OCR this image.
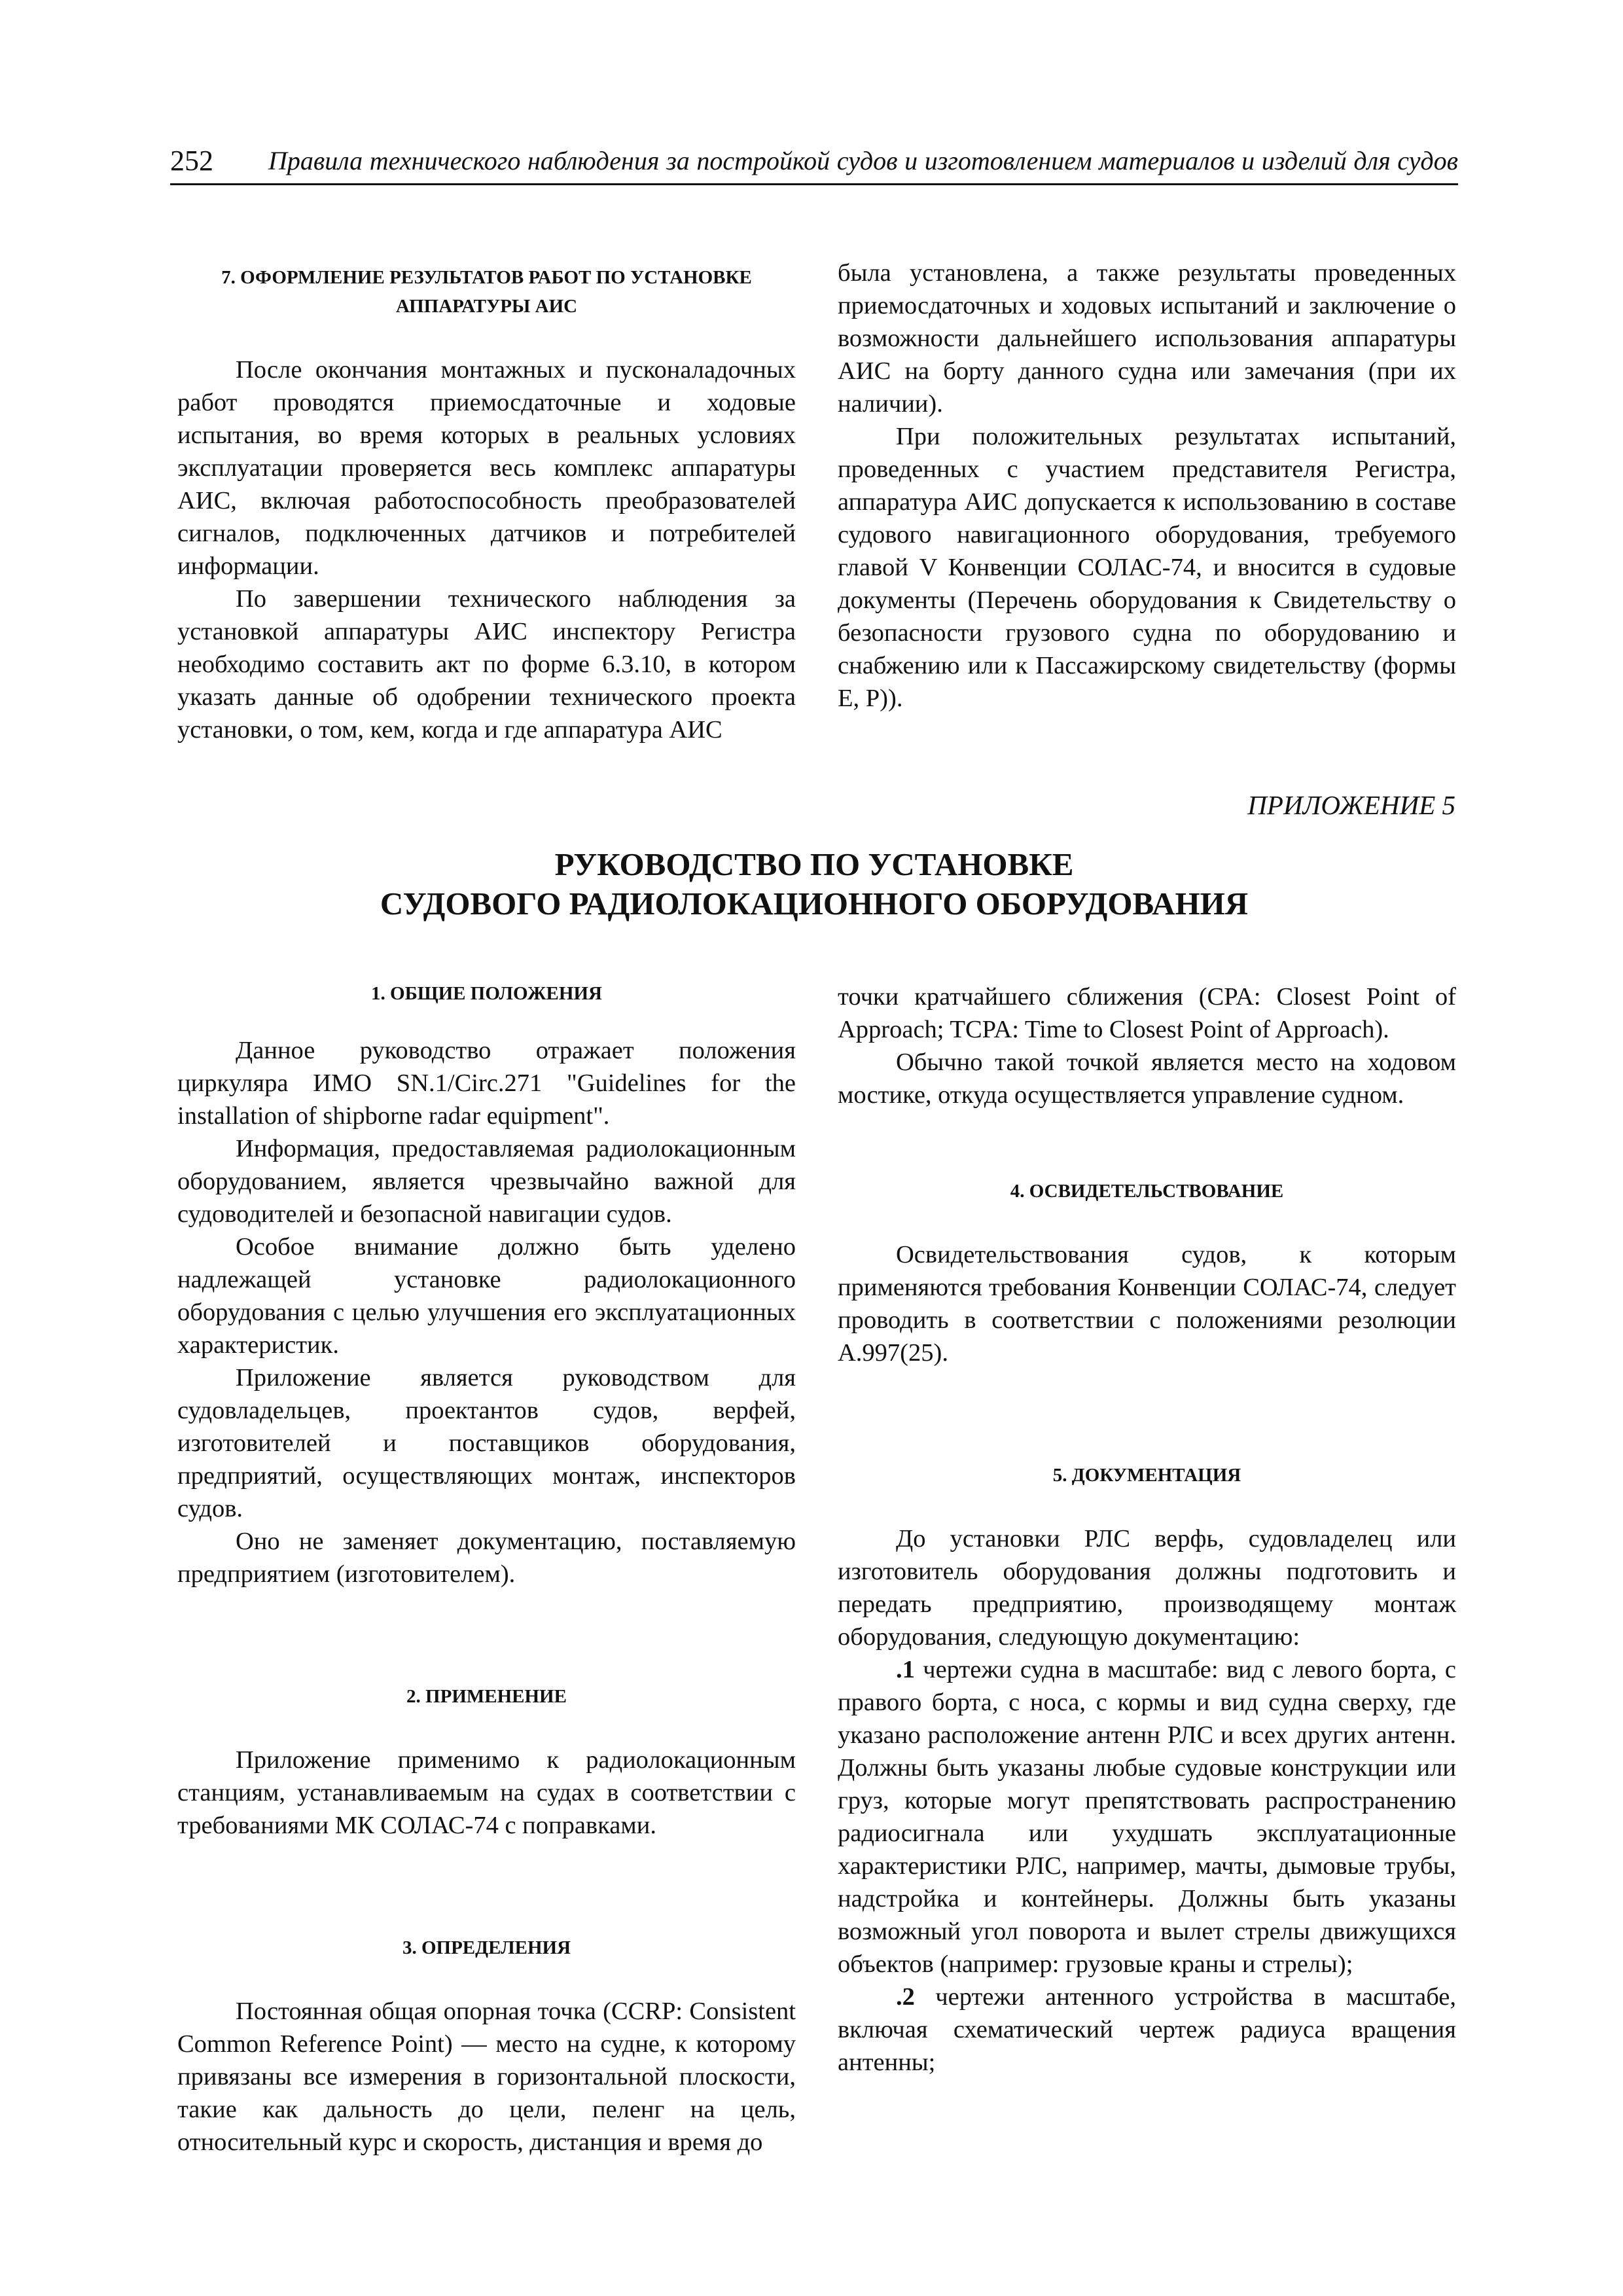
252 Правила технического наблюдения за постройкой судов и изготовлением материалов и изделий для судов
7. ОФОРМЛЕНИЕ РЕЗУЛЬТАТОВ РАБОТ ПО УСТАНОВКЕ АППАРАТУРЫ АИС

После окончания монтажных и пусконаладочных работ проводятся приемосдаточные и ходовые испытания, во время которых в реальных условиях эксплуатации проверяется весь комплекс аппаратуры АИС, включая работоспособность преобразователей сигналов, подключенных датчиков и потребителей информации.

По завершении технического наблюдения за установкой аппаратуры АИС инспектору Регистра необходимо составить акт по форме 6.3.10, в котором указать данные об одобрении технического проекта установки, о том, кем, когда и где аппаратура АИС

была установлена, а также результаты проведенных приемосдаточных и ходовых испытаний и заключение о возможности дальнейшего использования аппаратуры АИС на борту данного судна или замечания (при их наличии).

При положительных результатах испытаний, проведенных с участием представителя Регистра, аппаратура АИС допускается к использованию в составе судового навигационного оборудования, требуемого главой V Конвенции СОЛАС-74, и вносится в судовые документы (Перечень оборудования к Свидетельству о безопасности грузового судна по оборудованию и снабжению или к Пассажирскому свидетельству (формы Е, Р)).

ПРИЛОЖЕНИЕ 5
РУКОВОДСТВО ПО УСТАНОВКЕ
СУДОВОГО РАДИОЛОКАЦИОННОГО ОБОРУДОВАНИЯ
1. ОБЩИЕ ПОЛОЖЕНИЯ

Данное руководство отражает положения циркуляра ИМО SN.1/Circ.271 "Guidelines for the installation of shipborne radar equipment".

Информация, предоставляемая радиолокационным оборудованием, является чрезвычайно важной для судоводителей и безопасной навигации судов.

Особое внимание должно быть уделено надлежащей установке радиолокационного оборудования с целью улучшения его эксплуатационных характеристик.

Приложение является руководством для судовладельцев, проектантов судов, верфей, изготовителей и поставщиков оборудования, предприятий, осуществляющих монтаж, инспекторов судов.

Оно не заменяет документацию, поставляемую предприятием (изготовителем).

2. ПРИМЕНЕНИЕ

Приложение применимо к радиолокационным станциям, устанавливаемым на судах в соответствии с требованиями МК СОЛАС-74 с поправками.

3. ОПРЕДЕЛЕНИЯ

Постоянная общая опорная точка (CCRP: Consistent Common Reference Point) — место на судне, к которому привязаны все измерения в горизонтальной плоскости, такие как дальность до цели, пеленг на цель, относительный курс и скорость, дистанция и время до

точки кратчайшего сближения (CPA: Closest Point of Approach; TCPA: Time to Closest Point of Approach).

Обычно такой точкой является место на ходовом мостике, откуда осуществляется управление судном.

4. ОСВИДЕТЕЛЬСТВОВАНИЕ

Освидетельствования судов, к которым применяются требования Конвенции СОЛАС-74, следует проводить в соответствии с положениями резолюции А.997(25).

5. ДОКУМЕНТАЦИЯ

До установки РЛС верфь, судовладелец или изготовитель оборудования должны подготовить и передать предприятию, производящему монтаж оборудования, следующую документацию:

.1 чертежи судна в масштабе: вид с левого борта, с правого борта, с носа, с кормы и вид судна сверху, где указано расположение антенн РЛС и всех других антенн. Должны быть указаны любые судовые конструкции или груз, которые могут препятствовать распространению радиосигнала или ухудшать эксплуатационные характеристики РЛС, например, мачты, дымовые трубы, надстройка и контейнеры. Должны быть указаны возможный угол поворота и вылет стрелы движущихся объектов (например: грузовые краны и стрелы);

.2 чертежи антенного устройства в масштабе, включая схематический чертеж радиуса вращения антенны;
